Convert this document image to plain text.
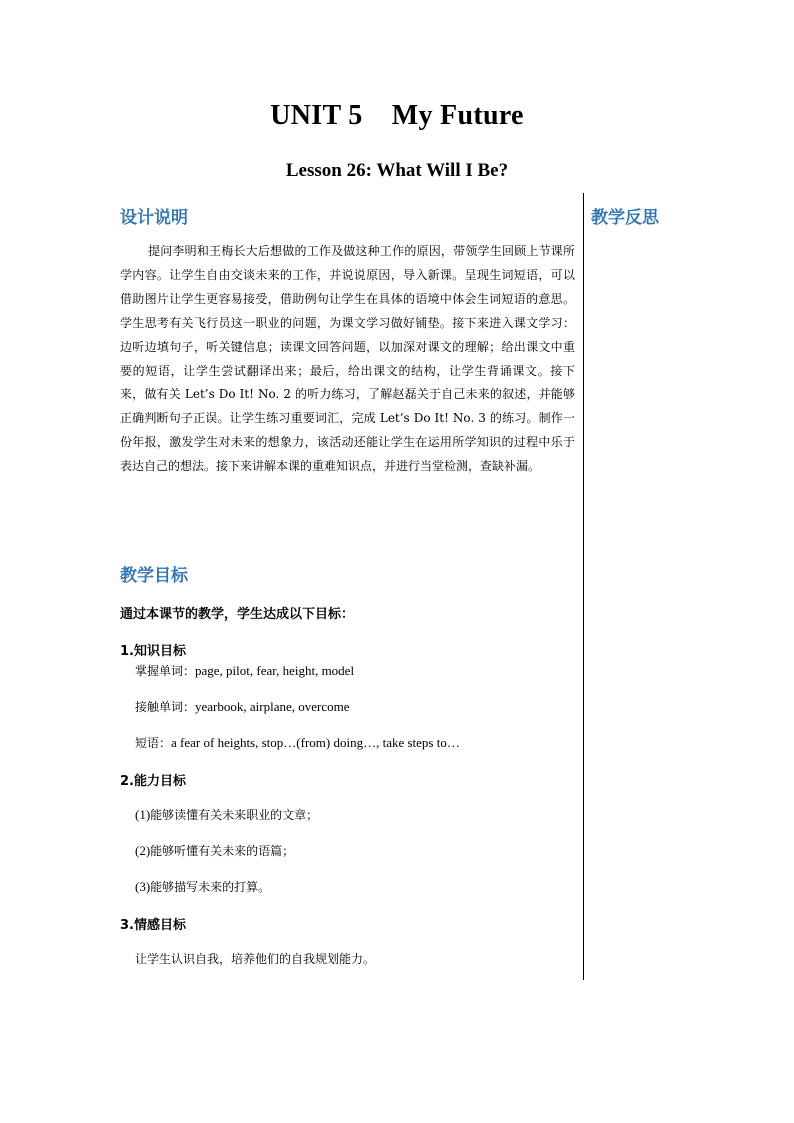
UNIT 5    My Future
Lesson 26: What Will I Be?
设计说明	教学反思
提问李明和王梅长大后想做的工作及做这种工作的原因，带领学生回顾上节课所学内容。让学生自由交谈未来的工作，并说说原因，导入新课。呈现生词短语，可以借助图片让学生更容易接受，借助例句让学生在具体的语境中体会生词短语的意思。学生思考有关飞行员这一职业的问题，为课文学习做好铺垫。接下来进入课文学习：边听边填句子，听关键信息；读课文回答问题，以加深对课文的理解；给出课文中重要的短语，让学生尝试翻译出来；最后，给出课文的结构，让学生背诵课文。接下来，做有关 Let’s Do It! No. 2 的听力练习，了解赵磊关于自己未来的叙述，并能够正确判断句子正误。让学生练习重要词汇，完成 Let’s Do It! No. 3 的练习。制作一份年报，激发学生对未来的想象力，该活动还能让学生在运用所学知识的过程中乐于表达自己的想法。接下来讲解本课的重难知识点，并进行当堂检测，查缺补漏。
教学目标
通过本课节的教学，学生达成以下目标：
1.知识目标
掌握单词：page, pilot, fear, height, model
接触单词：yearbook, airplane, overcome
短语：a fear of heights, stop…(from) doing…, take steps to…
2.能力目标
(1)能够读懂有关未来职业的文章；
(2)能够听懂有关未来的语篇；
(3)能够描写未来的打算。
3.情感目标
让学生认识自我，培养他们的自我规划能力。
